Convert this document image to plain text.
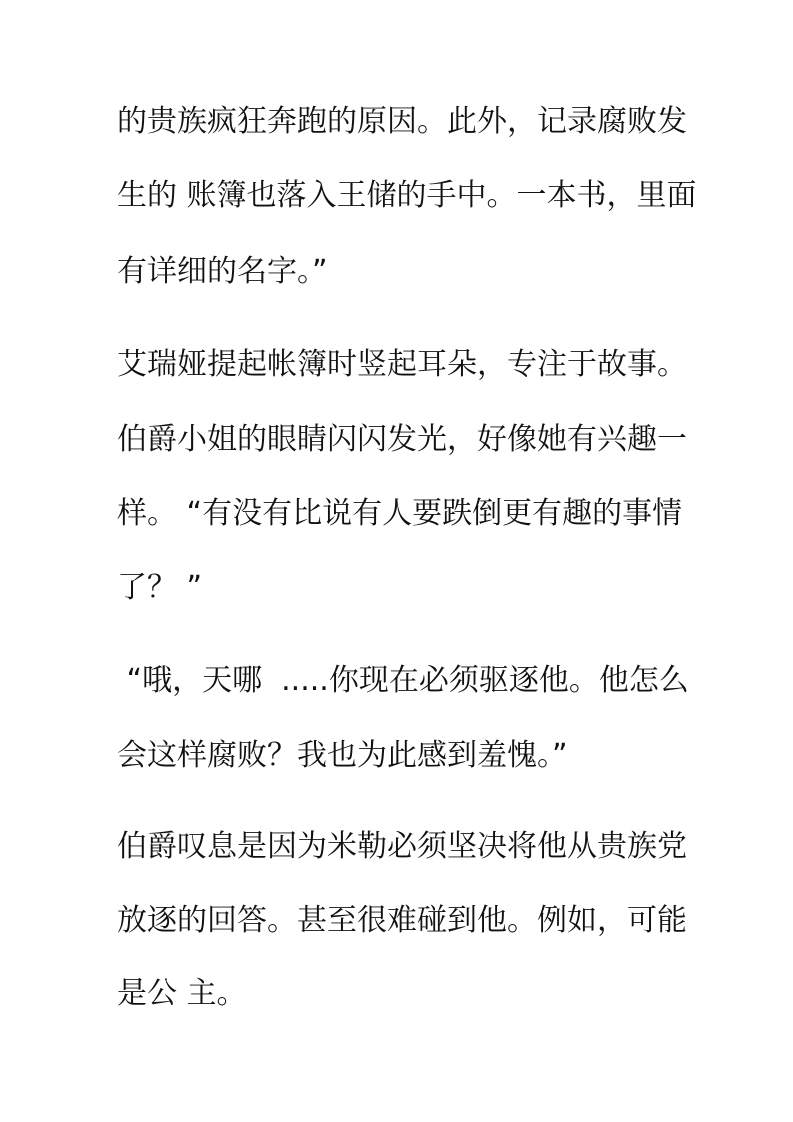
的贵族疯狂奔跑的原因。此外，记录腐败发
生的 账簿也落入王储的手中。一本书，里面
有详细的名字。”
艾瑞娅提起帐簿时竖起耳朵，专注于故事。
伯爵小姐的眼睛闪闪发光，好像她有兴趣一
样。 “有没有比说有人要跌倒更有趣的事情
了？ ”
“哦，天哪  .....你现在必须驱逐他。他怎么
会这样腐败？我也为此感到羞愧。”
伯爵叹息是因为米勒必须坚决将他从贵族党
放逐的回答。甚至很难碰到他。例如，可能
是公 主。
